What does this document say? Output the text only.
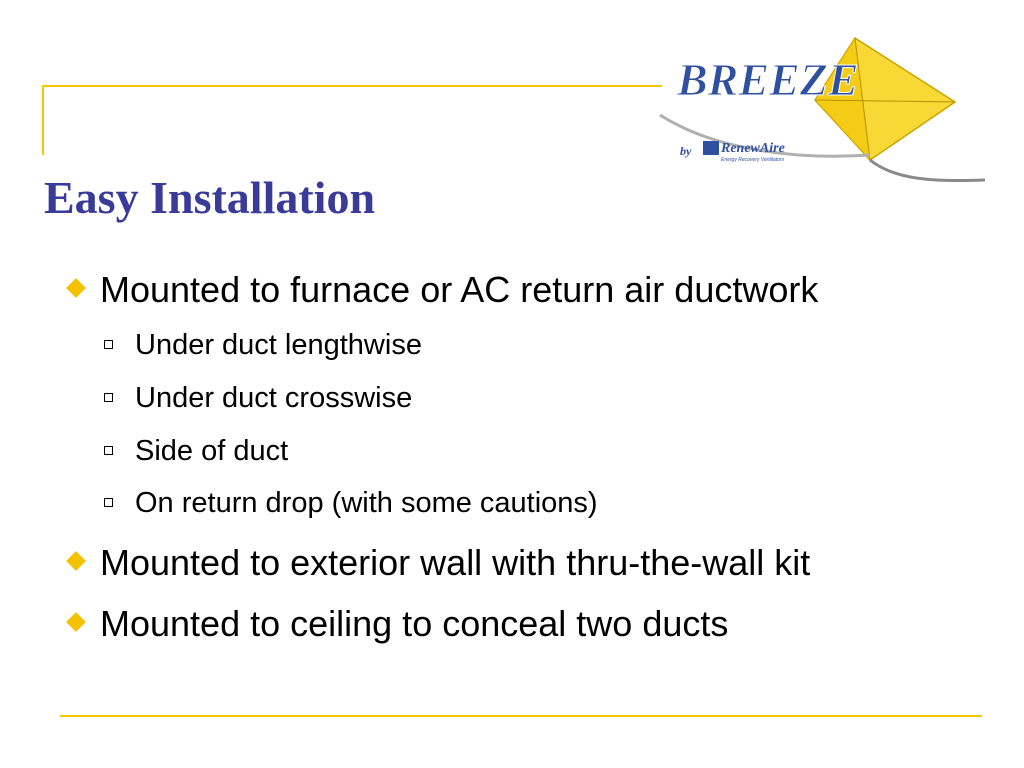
BREEZE
by RenewAire
Energy Recovery Ventilators
Easy Installation
Mounted to furnace or AC return air ductwork
Under duct lengthwise
Under duct crosswise
Side of duct
On return drop (with some cautions)
Mounted to exterior wall with thru-the-wall kit
Mounted to ceiling to conceal two ducts
